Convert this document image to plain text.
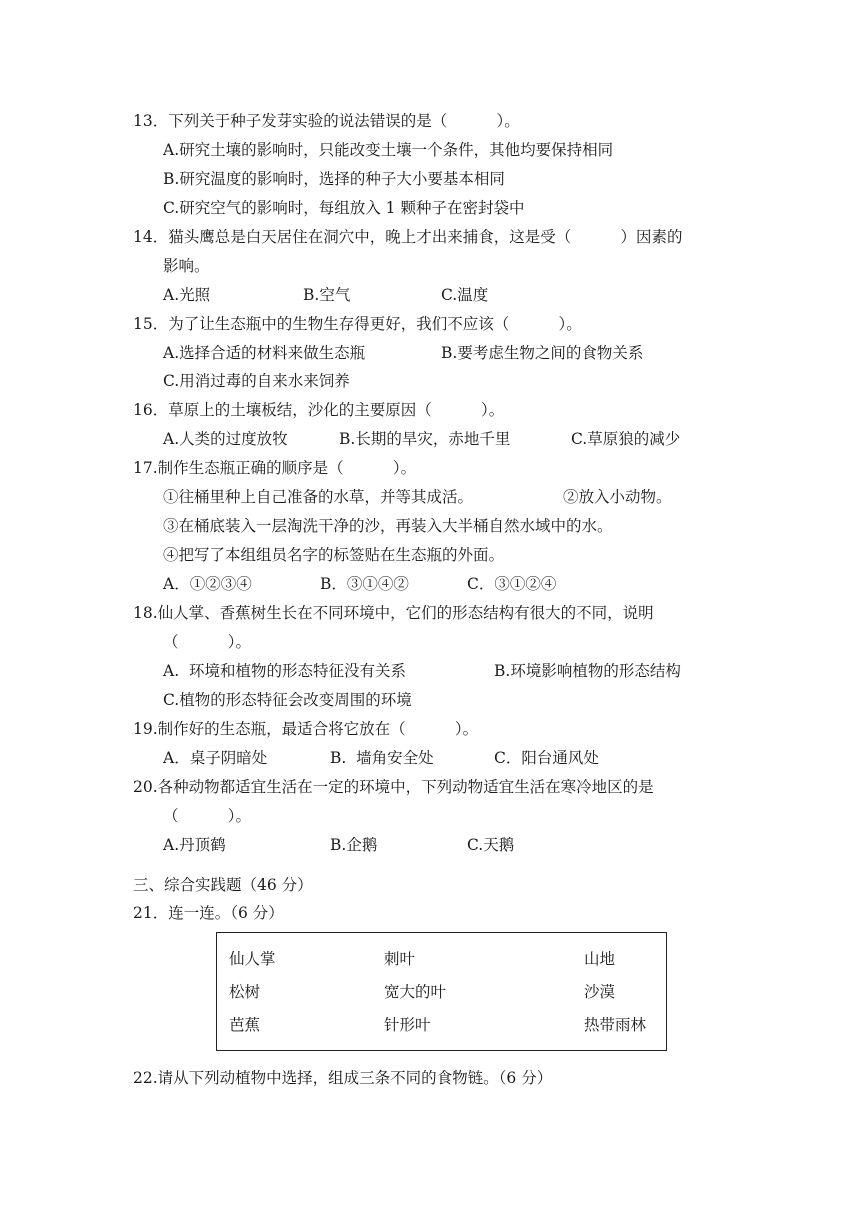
13．下列关于种子发芽实验的说法错误的是（          ）。
A.研究土壤的影响时，只能改变土壤一个条件，其他均要保持相同
B.研究温度的影响时，选择的种子大小要基本相同
C.研究空气的影响时，每组放入 1 颗种子在密封袋中
14．猫头鹰总是白天居住在洞穴中，晚上才出来捕食，这是受（          ）因素的
影响。
A.光照	B.空气	C.温度
15．为了让生态瓶中的生物生存得更好，我们不应该（          ）。
A.选择合适的材料来做生态瓶	B.要考虑生物之间的食物关系
C.用消过毒的自来水来饲养
16．草原上的土壤板结，沙化的主要原因（          ）。
A.人类的过度放牧	B.长期的旱灾，赤地千里	C.草原狼的减少
17.制作生态瓶正确的顺序是（          ）。
①往桶里种上自己准备的水草，并等其成活。	②放入小动物。
③在桶底装入一层淘洗干净的沙，再装入大半桶自然水域中的水。
④把写了本组组员名字的标签贴在生态瓶的外面。
A．①②③④	B．③①④②	C．③①②④
18.仙人掌、香蕉树生长在不同环境中，它们的形态结构有很大的不同，说明
（          ）。
A.  环境和植物的形态特征没有关系	B.环境影响植物的形态结构
C.植物的形态特征会改变周围的环境
19.制作好的生态瓶，最适合将它放在（          ）。
A．桌子阴暗处	B.  墙角安全处	C．阳台通风处
20.各种动物都适宜生活在一定的环境中，下列动物适宜生活在寒冷地区的是
（          ）。
A.丹顶鹤	B.企鹅	C.天鹅
三、综合实践题（46 分）
21．连一连。（6 分）
仙人掌	刺叶	山地
松树	宽大的叶	沙漠
芭蕉	针形叶	热带雨林
22.请从下列动植物中选择，组成三条不同的食物链。（6 分）
